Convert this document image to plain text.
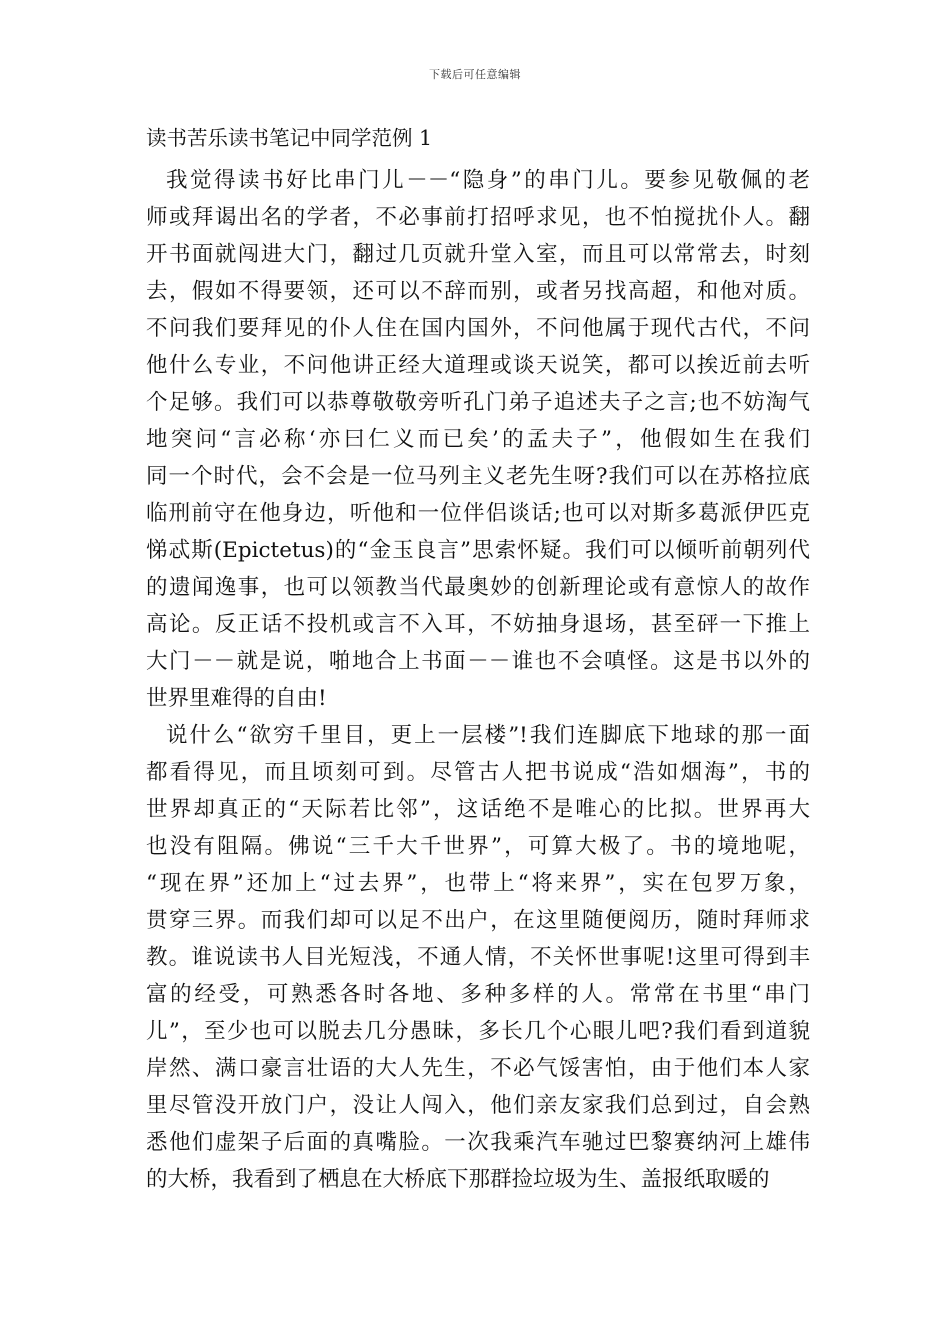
下载后可任意编辑
读书苦乐读书笔记中同学范例 1
我觉得读书好比串门儿－－“隐身”的串门儿。要参见敬佩的老
师或拜谒出名的学者，不必事前打招呼求见，也不怕搅扰仆人。翻
开书面就闯进大门，翻过几页就升堂入室，而且可以常常去，时刻
去，假如不得要领，还可以不辞而别，或者另找高超，和他对质。
不问我们要拜见的仆人住在国内国外，不问他属于现代古代，不问
他什么专业，不问他讲正经大道理或谈天说笑，都可以挨近前去听
个足够。我们可以恭尊敬敬旁听孔门弟子追述夫子之言;也不妨淘气
地突问“言必称‘亦曰仁义而已矣’的孟夫子”，他假如生在我们
同一个时代，会不会是一位马列主义老先生呀?我们可以在苏格拉底
临刑前守在他身边，听他和一位伴侣谈话;也可以对斯多葛派伊匹克
悌忒斯(Epictetus)的“金玉良言”思索怀疑。我们可以倾听前朝列代
的遗闻逸事，也可以领教当代最奥妙的创新理论或有意惊人的故作
高论。反正话不投机或言不入耳，不妨抽身退场，甚至砰一下推上
大门－－就是说，啪地合上书面－－谁也不会嗔怪。这是书以外的
世界里难得的自由!
说什么“欲穷千里目，更上一层楼”!我们连脚底下地球的那一面
都看得见，而且顷刻可到。尽管古人把书说成“浩如烟海”，书的
世界却真正的“天际若比邻”，这话绝不是唯心的比拟。世界再大
也没有阻隔。佛说“三千大千世界”，可算大极了。书的境地呢，
“现在界”还加上“过去界”，也带上“将来界”，实在包罗万象，
贯穿三界。而我们却可以足不出户，在这里随便阅历，随时拜师求
教。谁说读书人目光短浅，不通人情，不关怀世事呢!这里可得到丰
富的经受，可熟悉各时各地、多种多样的人。常常在书里“串门
儿”，至少也可以脱去几分愚昧，多长几个心眼儿吧?我们看到道貌
岸然、满口豪言壮语的大人先生，不必气馁害怕，由于他们本人家
里尽管没开放门户，没让人闯入，他们亲友家我们总到过，自会熟
悉他们虚架子后面的真嘴脸。一次我乘汽车驰过巴黎赛纳河上雄伟
的大桥，我看到了栖息在大桥底下那群捡垃圾为生、盖报纸取暖的
